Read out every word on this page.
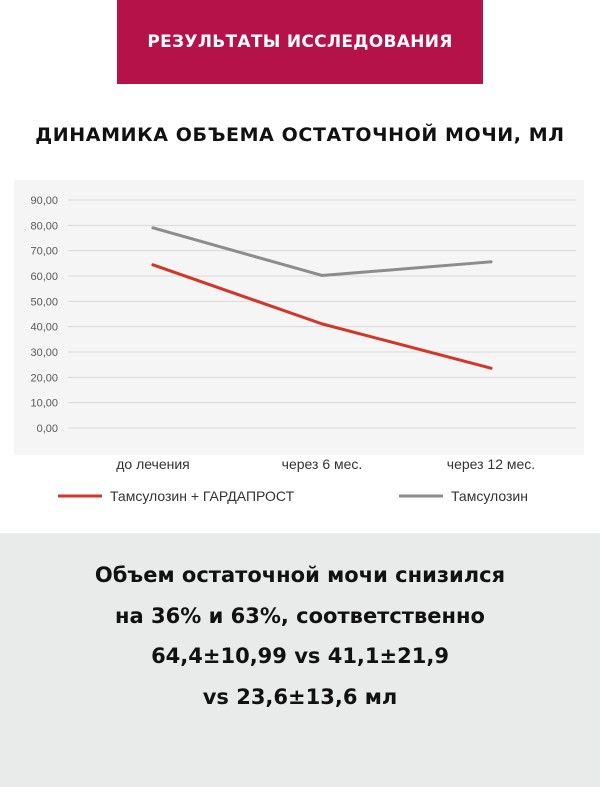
РЕЗУЛЬТАТЫ ИССЛЕДОВАНИЯ
ДИНАМИКА ОБЪЕМА ОСТАТОЧНОЙ МОЧИ, МЛ
0,00
10,00
20,00
30,00
40,00
50,00
60,00
70,00
80,00
90,00
до лечения	через 6 мес.	через 12 мес.
Тамсулозин + ГАРДАПРОСТ	Тамсулозин
Объем остаточной мочи снизился
на 36% и 63%, соответственно
64,4±10,99 vs 41,1±21,9
vs 23,6±13,6 мл
